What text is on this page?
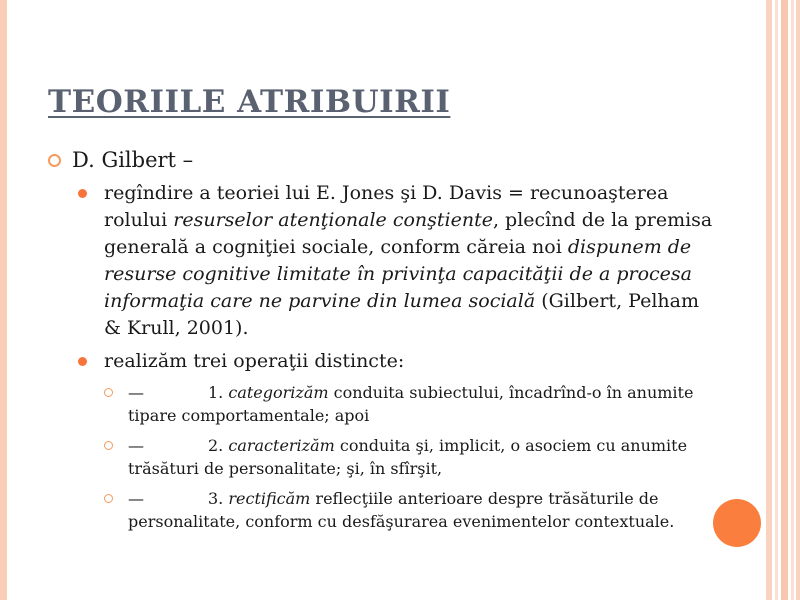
TEORIILE ATRIBUIRII
D. Gilbert –
regîndire a teoriei lui E. Jones şi D. Davis = recunoaşterea rolului resurselor atenţionale conştiente, plecînd de la premisa generală a cogniţiei sociale, conform căreia noi dispunem de resurse cognitive limitate în privinţa capacităţii de a procesa informaţia care ne parvine din lumea socială (Gilbert, Pelham & Krull, 2001).
realizăm trei operaţii distincte:
—	1. categorizăm conduita subiectului, încadrînd-o în anumite tipare comportamentale; apoi
—	2. caracterizăm conduita şi, implicit, o asociem cu anumite trăsături de personalitate; şi, în sfîrşit,
—	3. rectificăm reflecţiile anterioare despre trăsăturile de personalitate, conform cu desfăşurarea evenimentelor contextuale.
